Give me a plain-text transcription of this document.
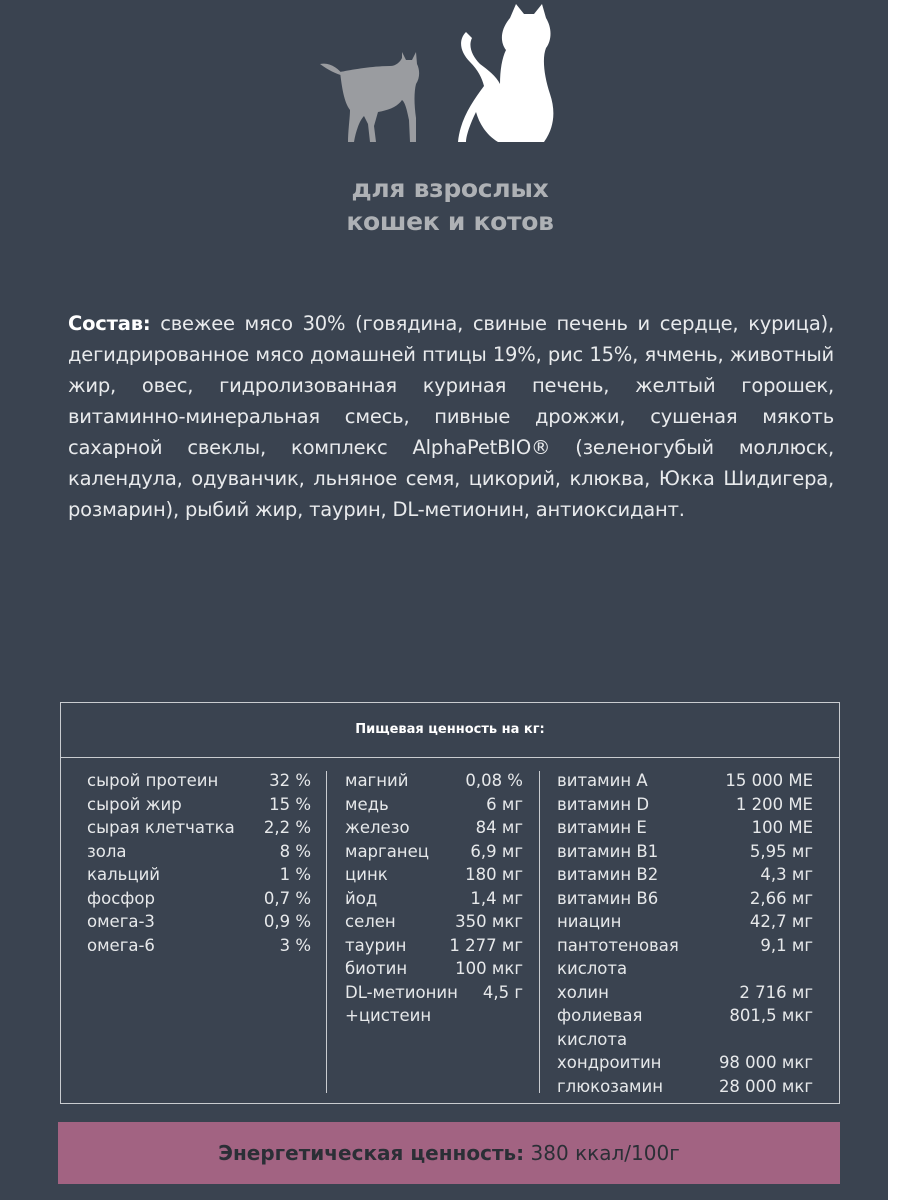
для взрослых
кошек и котов
Состав: свежее мясо 30% (говядина, свиные печень и сердце, курица), дегидрированное мясо домашней птицы 19%, рис 15%, ячмень, животный жир, овес, гидролизованная куриная печень, желтый горошек, витаминно-минеральная смесь, пивные дрожжи, сушеная мякоть сахарной свеклы, комплекс AlphaPetBIO® (зеленогубый моллюск, календула, одуванчик, льняное семя, цикорий, клюква, Юкка Шидигера, розмарин), рыбий жир, таурин, DL-метионин, антиоксидант.
Пищевая ценность на кг:
сырой протеин	32 %
сырой жир	15 %
сырая клетчатка 2,2 %
зола	8 %
кальций	1 %
фосфор	0,7 %
омега-3	0,9 %
омега-6	3 %
магний	0,08 %
медь	6 мг
железо	84 мг
марганец	6,9 мг
цинк	180 мг
йод	1,4 мг
селен	350 мкг
таурин	1 277 мг
биотин	100 мкг
DL-метионин +цистеин
4,5 г
витамин А	15 000 МЕ
витамин D	1 200 МЕ
витамин Е	100 МЕ
витамин В1	5,95 мг
витамин В2	4,3 мг
витамин В6	2,66 мг
ниацин	42,7 мг
пантотеновая кислота
9,1 мг
холин	2 716 мг
фолиевая кислота
801,5 мкг
хондроитин	98 000 мкг
глюкозамин	28 000 мкг
Энергетическая ценность: 380 ккал/100г
